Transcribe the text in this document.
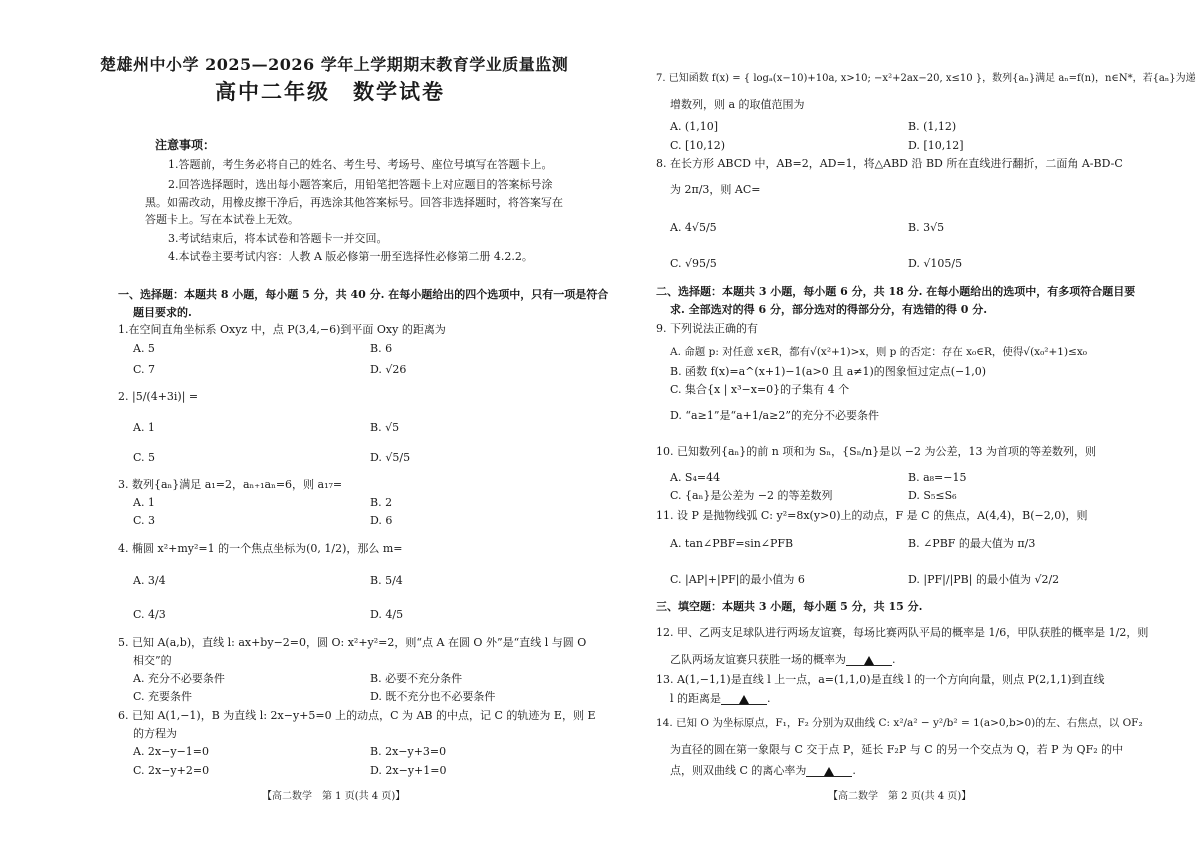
楚雄州中小学 2025—2026 学年上学期期末教育学业质量监测
高中二年级　数学试卷
注意事项：
1.答题前，考生务必将自己的姓名、考生号、考场号、座位号填写在答题卡上。
2.回答选择题时，选出每小题答案后，用铅笔把答题卡上对应题目的答案标号涂
黑。如需改动，用橡皮擦干净后，再选涂其他答案标号。回答非选择题时，将答案写在
答题卡上。写在本试卷上无效。
3.考试结束后，将本试卷和答题卡一并交回。
4.本试卷主要考试内容：人教 A 版必修第一册至选择性必修第二册 4.2.2。
一、选择题：本题共 8 小题，每小题 5 分，共 40 分. 在每小题给出的四个选项中，只有一项是符合
题目要求的.
1.在空间直角坐标系 Oxyz 中，点 P(3,4,−6)到平面 Oxy 的距离为
A. 5	B. 6
C. 7	D. √26
2. |5/(4+3i)| =
A. 1	B. √5
C. 5	D. √5/5
3. 数列{aₙ}满足 a₁=2，aₙ₊₁aₙ=6，则 a₁₇=
A. 1	B. 2
C. 3	D. 6
4. 椭圆 x²+my²=1 的一个焦点坐标为(0, 1/2)，那么 m=
A. 3/4	B. 5/4
C. 4/3	D. 4/5
5. 已知 A(a,b)，直线 l: ax+by−2=0，圆 O: x²+y²=2，则“点 A 在圆 O 外”是“直线 l 与圆 O
相交”的
A. 充分不必要条件	B. 必要不充分条件
C. 充要条件	D. 既不充分也不必要条件
6. 已知 A(1,−1)，B 为直线 l: 2x−y+5=0 上的动点，C 为 AB 的中点，记 C 的轨迹为 E，则 E
的方程为
A. 2x−y−1=0	B. 2x−y+3=0
C. 2x−y+2=0	D. 2x−y+1=0
【高二数学　第 1 页(共 4 页)】
7. 已知函数 f(x) = { logₐ(x−10)+10a, x>10; −x²+2ax−20, x≤10 }，数列{aₙ}满足 aₙ=f(n)，n∈N*，若{aₙ}为递
增数列，则 a 的取值范围为
A. (1,10]	B. (1,12)
C. [10,12)	D. [10,12]
8. 在长方形 ABCD 中，AB=2，AD=1，将△ABD 沿 BD 所在直线进行翻折，二面角 A-BD-C
为 2π/3，则 AC=
A. 4√5/5	B. 3√5
C. √95/5	D. √105/5
二、选择题：本题共 3 小题，每小题 6 分，共 18 分. 在每小题给出的选项中，有多项符合题目要
求. 全部选对的得 6 分，部分选对的得部分分，有选错的得 0 分.
9. 下列说法正确的有
A. 命题 p: 对任意 x∈R，都有√(x²+1)>x，则 p 的否定：存在 x₀∈R，使得√(x₀²+1)≤x₀
B. 函数 f(x)=a^(x+1)−1(a>0 且 a≠1)的图象恒过定点(−1,0)
C. 集合{x | x³−x=0}的子集有 4 个
D. “a≥1”是“a+1/a≥2”的充分不必要条件
10. 已知数列{aₙ}的前 n 项和为 Sₙ，{Sₙ/n}是以 −2 为公差，13 为首项的等差数列，则
A. S₄=44	B. a₈=−15
C. {aₙ}是公差为 −2 的等差数列	D. S₅≤S₆
11. 设 P 是抛物线弧 C: y²=8x(y>0)上的动点，F 是 C 的焦点，A(4,4)，B(−2,0)，则
A. tan∠PBF=sin∠PFB	B. ∠PBF 的最大值为 π/3
C. |AP|+|PF|的最小值为 6	D. |PF|/|PB| 的最小值为 √2/2
三、填空题：本题共 3 小题，每小题 5 分，共 15 分.
12. 甲、乙两支足球队进行两场友谊赛，每场比赛两队平局的概率是 1/6，甲队获胜的概率是 1/2，则
乙队两场友谊赛只获胜一场的概率为	.
13. A(1,−1,1)是直线 l 上一点，a=(1,1,0)是直线 l 的一个方向向量，则点 P(2,1,1)到直线
l 的距离是	.
14. 已知 O 为坐标原点，F₁，F₂ 分别为双曲线 C: x²/a² − y²/b² = 1(a>0,b>0)的左、右焦点，以 OF₂
为直径的圆在第一象限与 C 交于点 P，延长 F₂P 与 C 的另一个交点为 Q，若 P 为 QF₂ 的中
点，则双曲线 C 的离心率为	.
【高二数学　第 2 页(共 4 页)】
